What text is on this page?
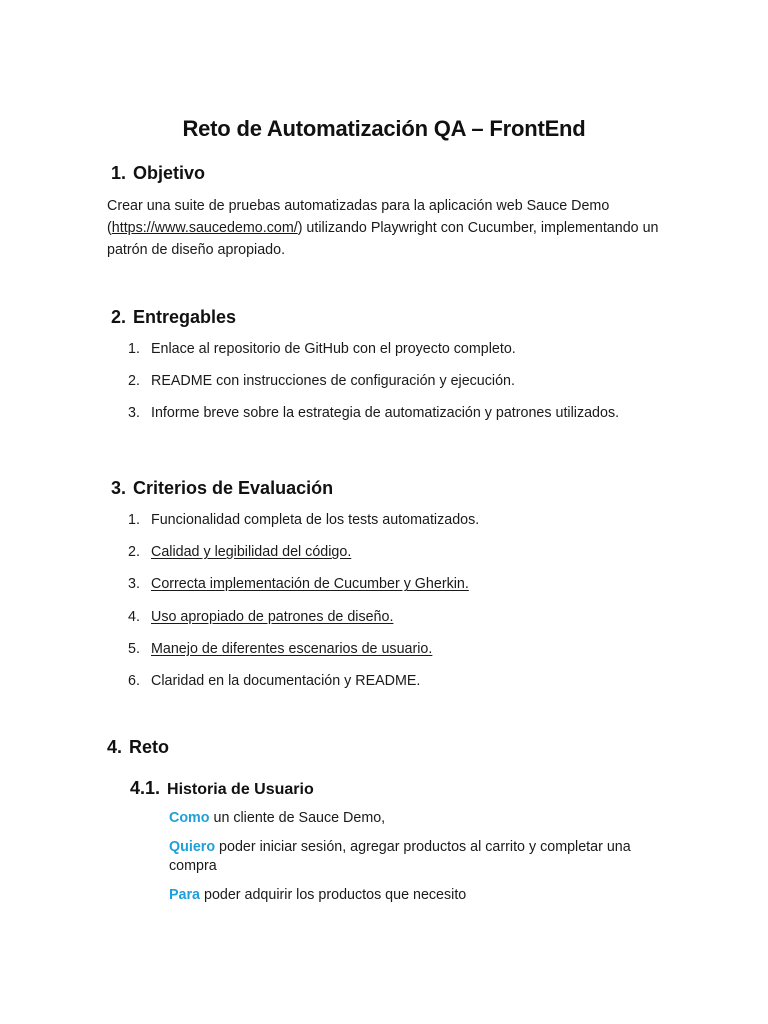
Reto de Automatización QA – FrontEnd
1. Objetivo
Crear una suite de pruebas automatizadas para la aplicación web Sauce Demo (https://www.saucedemo.com/) utilizando Playwright con Cucumber, implementando un patrón de diseño apropiado.
2. Entregables
1. Enlace al repositorio de GitHub con el proyecto completo.
2. README con instrucciones de configuración y ejecución.
3. Informe breve sobre la estrategia de automatización y patrones utilizados.
3. Criterios de Evaluación
1. Funcionalidad completa de los tests automatizados.
2. Calidad y legibilidad del código.
3. Correcta implementación de Cucumber y Gherkin.
4. Uso apropiado de patrones de diseño.
5. Manejo de diferentes escenarios de usuario.
6. Claridad en la documentación y README.
4. Reto
4.1. Historia de Usuario
Como un cliente de Sauce Demo,
Quiero poder iniciar sesión, agregar productos al carrito y completar una compra
Para poder adquirir los productos que necesito
